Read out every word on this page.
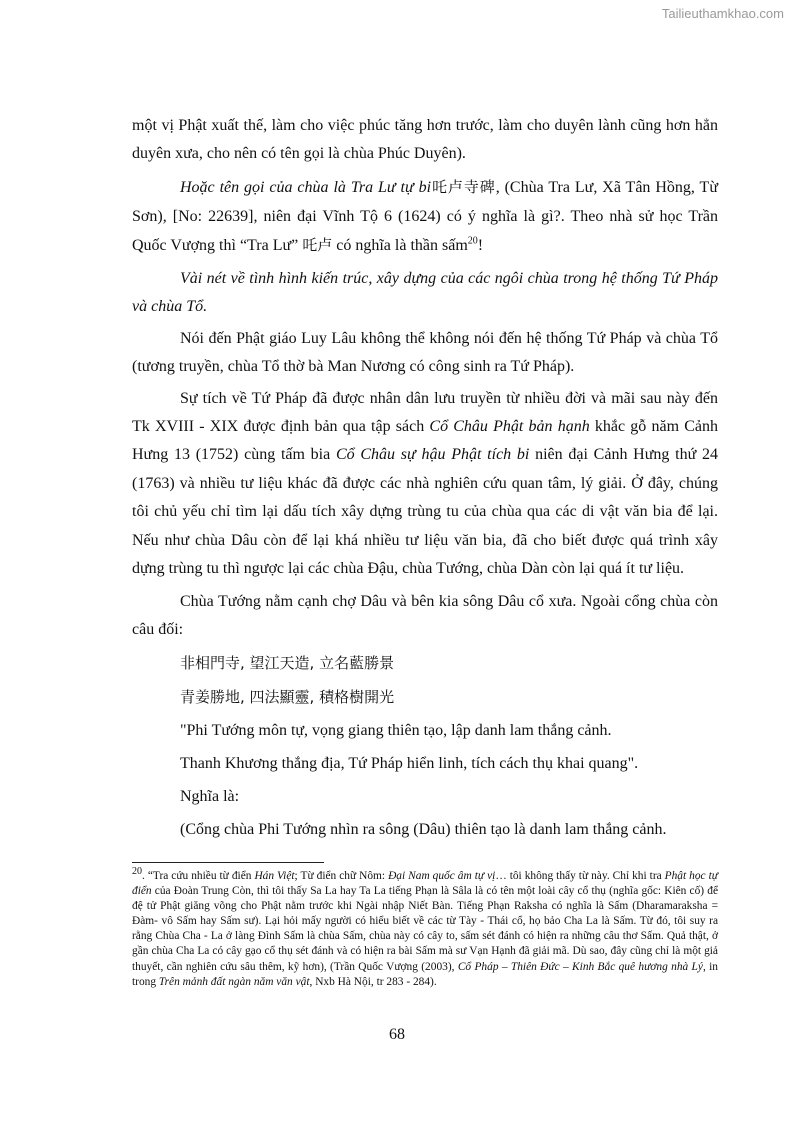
Tailieuthamkhao.com

một vị Phật xuất thế, làm cho việc phúc tăng hơn trước, làm cho duyên lành cũng hơn hẳn duyên xưa, cho nên có tên gọi là chùa Phúc Duyên).

Hoặc tên gọi của chùa là Tra Lư tự bi吒卢寺碑, (Chùa Tra Lư, Xã Tân Hồng, Từ Sơn), [No: 22639], niên đại Vĩnh Tộ 6 (1624) có ý nghĩa là gì?. Theo nhà sử học Trần Quốc Vượng thì “Tra Lư” 吒卢 có nghĩa là thần sấm$^{20}$!

Vài nét về tình hình kiến trúc, xây dựng của các ngôi chùa trong hệ thống Tứ Pháp và chùa Tổ.

Nói đến Phật giáo Luy Lâu không thể không nói đến hệ thống Tứ Pháp và chùa Tổ (tương truyền, chùa Tổ thờ bà Man Nương có công sinh ra Tứ Pháp).

Sự tích về Tứ Pháp đã được nhân dân lưu truyền từ nhiều đời và mãi sau này đến Tk XVIII - XIX được định bản qua tập sách Cổ Châu Phật bản hạnh khắc gỗ năm Cảnh Hưng 13 (1752) cùng tấm bia Cổ Châu sự hậu Phật tích bi niên đại Cảnh Hưng thứ 24 (1763) và nhiều tư liệu khác đã được các nhà nghiên cứu quan tâm, lý giải. Ở đây, chúng tôi chủ yếu chỉ tìm lại dấu tích xây dựng trùng tu của chùa qua các di vật văn bia để lại. Nếu như chùa Dâu còn để lại khá nhiều tư liệu văn bia, đã cho biết được quá trình xây dựng trùng tu thì ngược lại các chùa Đậu, chùa Tướng, chùa Dàn còn lại quá ít tư liệu.

Chùa Tướng nằm cạnh chợ Dâu và bên kia sông Dâu cổ xưa. Ngoài cổng chùa còn câu đối:

非相門寺, 望江天造, 立名藍勝景

青姜勝地, 四法顯靈, 積格樹開光

"Phi Tướng môn tự, vọng giang thiên tạo, lập danh lam thắng cảnh.

Thanh Khương thắng địa, Tứ Pháp hiển linh, tích cách thụ khai quang".

Nghĩa là:

(Cổng chùa Phi Tướng nhìn ra sông (Dâu) thiên tạo là danh lam thắng cảnh.

$^{20}$. “Tra cứu nhiều từ điển Hán Việt; Từ điển chữ Nôm: Đại Nam quốc âm tự vị… tôi không thấy từ này. Chỉ khi tra Phật học tự điển của Đoàn Trung Còn, thì tôi thấy Sa La hay Ta La tiếng Phạn là Sâla là có tên một loài cây cổ thụ (nghĩa gốc: Kiên cố) để đệ tử Phật giăng võng cho Phật nằm trước khi Ngài nhập Niết Bàn. Tiếng Phạn Raksha có nghĩa là Sấm (Dharamaraksha = Đàm- vô Sấm hay Sấm sư). Lại hỏi mấy người có hiểu biết về các từ Tày - Thái cổ, họ bảo Cha La là Sấm. Từ đó, tôi suy ra rằng Chùa Cha - La ở làng Đình Sấm là chùa Sấm, chùa này có cây to, sấm sét đánh có hiện ra những câu thơ Sấm. Quả thật, ở gần chùa Cha La có cây gạo cổ thụ sét đánh và có hiện ra bài Sấm mà sư Vạn Hạnh đã giải mã. Dù sao, đây cũng chỉ là một giả thuyết, cần nghiên cứu sâu thêm, kỹ hơn), (Trần Quốc Vượng (2003), Cổ Pháp – Thiên Đức – Kinh Bắc quê hương nhà Lý, in trong Trên mảnh đất ngàn năm văn vật, Nxb Hà Nội, tr 283 - 284).
68
